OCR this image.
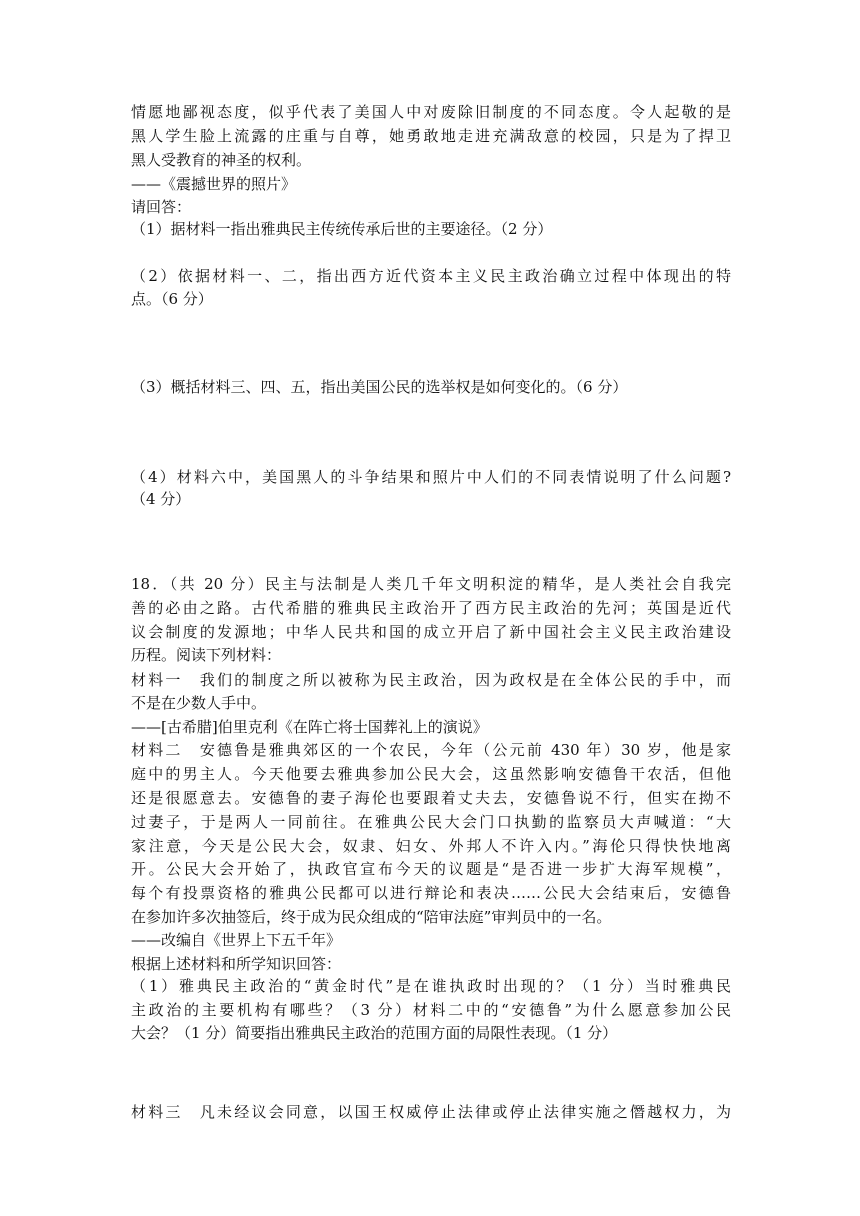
情愿地鄙视态度，似乎代表了美国人中对废除旧制度的不同态度。令人起敬的是
黑人学生脸上流露的庄重与自尊，她勇敢地走进充满敌意的校园，只是为了捍卫
黑人受教育的神圣的权利。
——《震撼世界的照片》
请回答：
（1）据材料一指出雅典民主传统传承后世的主要途径。（2 分）
（2）依据材料一、二，指出西方近代资本主义民主政治确立过程中体现出的特
点。（6 分）
（3）概括材料三、四、五，指出美国公民的选举权是如何变化的。（6 分）
（4）材料六中，美国黑人的斗争结果和照片中人们的不同表情说明了什么问题?
（4 分）
18．（共 20 分）民主与法制是人类几千年文明积淀的精华，是人类社会自我完
善的必由之路。古代希腊的雅典民主政治开了西方民主政治的先河；英国是近代
议会制度的发源地；中华人民共和国的成立开启了新中国社会主义民主政治建设
历程。阅读下列材料：
材料一　我们的制度之所以被称为民主政治，因为政权是在全体公民的手中，而
不是在少数人手中。
——[古希腊]伯里克利《在阵亡将士国葬礼上的演说》
材料二　安德鲁是雅典郊区的一个农民，今年（公元前 430 年）30 岁，他是家
庭中的男主人。今天他要去雅典参加公民大会，这虽然影响安德鲁干农活，但他
还是很愿意去。安德鲁的妻子海伦也要跟着丈夫去，安德鲁说不行，但实在拗不
过妻子，于是两人一同前往。在雅典公民大会门口执勤的监察员大声喊道：“大
家注意，今天是公民大会，奴隶、妇女、外邦人不许入内。”海伦只得快快地离
开。公民大会开始了，执政官宣布今天的议题是“是否进一步扩大海军规模”，
每个有投票资格的雅典公民都可以进行辩论和表决……公民大会结束后，安德鲁
在参加许多次抽签后，终于成为民众组成的“陪审法庭”审判员中的一名。
——改编自《世界上下五千年》
根据上述材料和所学知识回答：
（1）雅典民主政治的“黄金时代”是在谁执政时出现的？（1 分）当时雅典民
主政治的主要机构有哪些？（3 分）材料二中的“安德鲁”为什么愿意参加公民
大会？（1 分）简要指出雅典民主政治的范围方面的局限性表现。（1 分）
材料三　凡未经议会同意，以国王权威停止法律或停止法律实施之僭越权力，为
